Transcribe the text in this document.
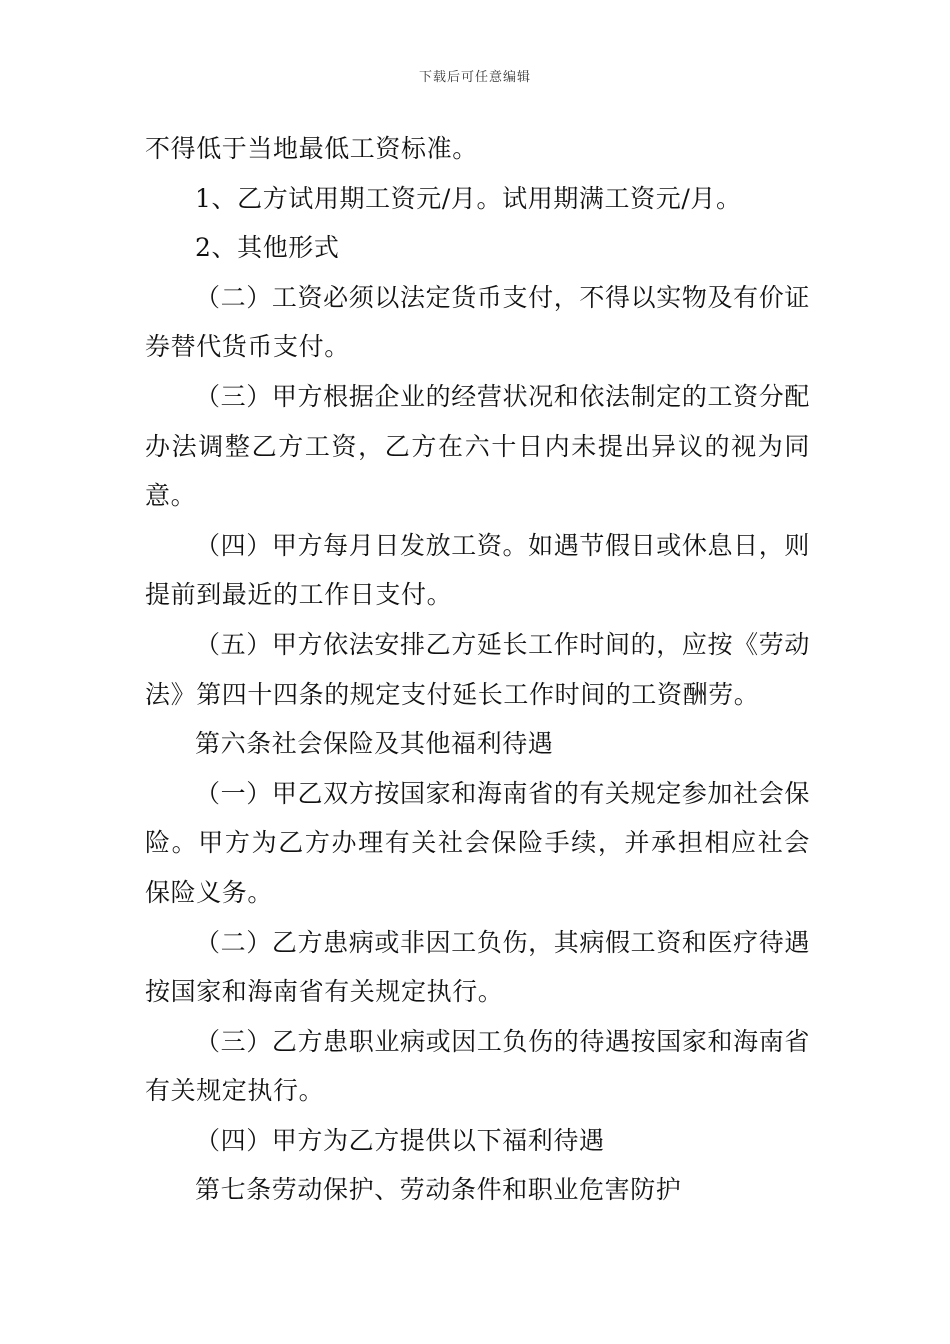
下载后可任意编辑

不得低于当地最低工资标准。

1、乙方试用期工资元/月。试用期满工资元/月。

2、其他形式

（二）工资必须以法定货币支付，不得以实物及有价证券替代货币支付。

（三）甲方根据企业的经营状况和依法制定的工资分配办法调整乙方工资，乙方在六十日内未提出异议的视为同意。

（四）甲方每月日发放工资。如遇节假日或休息日，则提前到最近的工作日支付。

（五）甲方依法安排乙方延长工作时间的，应按《劳动法》第四十四条的规定支付延长工作时间的工资酬劳。

第六条社会保险及其他福利待遇

（一）甲乙双方按国家和海南省的有关规定参加社会保险。甲方为乙方办理有关社会保险手续，并承担相应社会保险义务。

（二）乙方患病或非因工负伤，其病假工资和医疗待遇按国家和海南省有关规定执行。

（三）乙方患职业病或因工负伤的待遇按国家和海南省有关规定执行。

（四）甲方为乙方提供以下福利待遇

第七条劳动保护、劳动条件和职业危害防护
